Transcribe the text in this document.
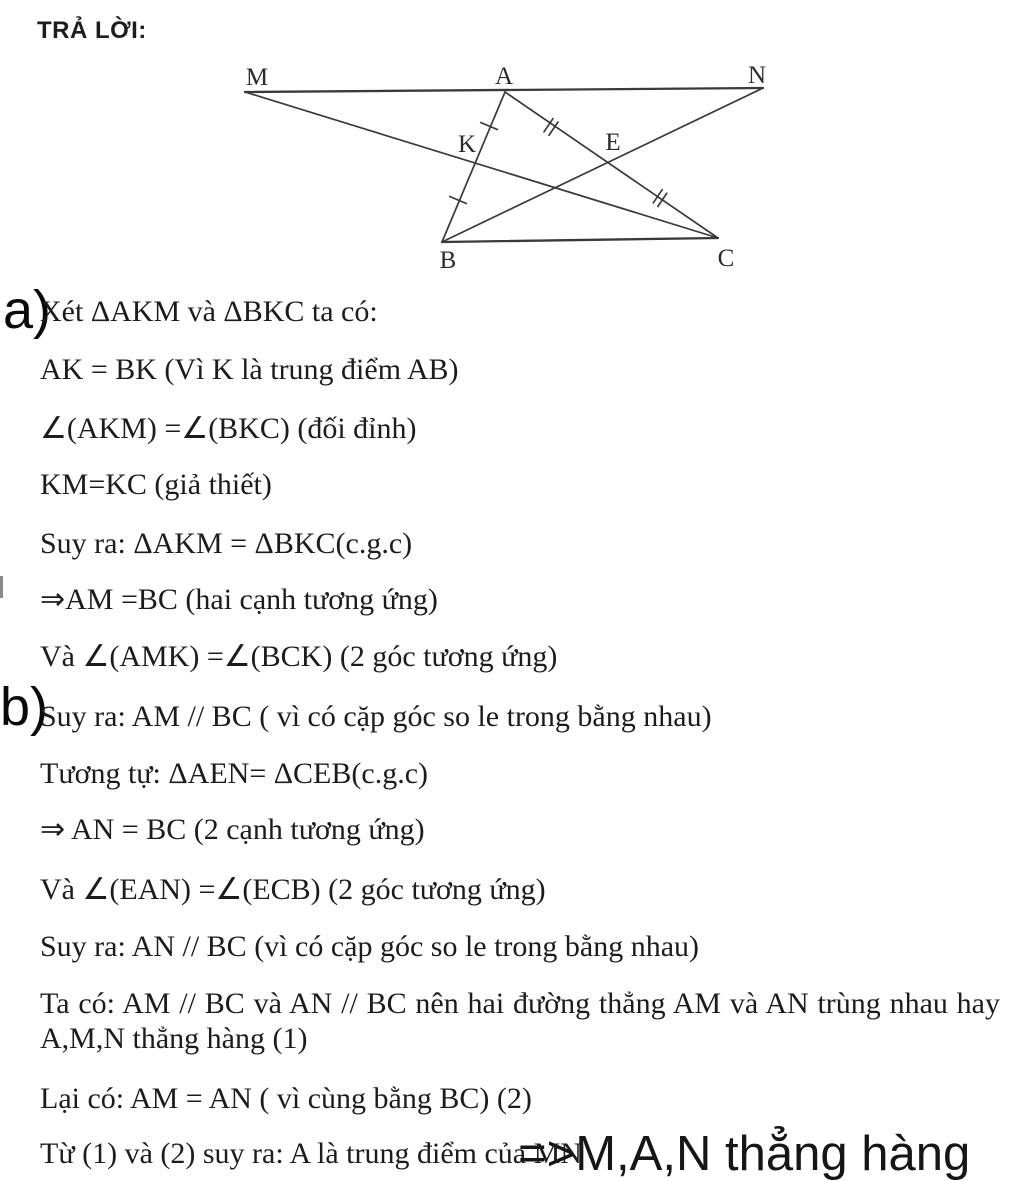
TRẢ LỜI:
M	A	N
B	C
K	E
a)
Xét ΔAKM và ΔBKC ta có:
AK = BK (Vì K là trung điểm AB)
∠(AKM) =∠(BKC) (đối đỉnh)
KM=KC (giả thiết)
Suy ra: ΔAKM = ΔBKC(c.g.c)
⇒AM =BC (hai cạnh tương ứng)
Và ∠(AMK) =∠(BCK) (2 góc tương ứng)
b)
Suy ra: AM // BC ( vì có cặp góc so le trong bằng nhau)
Tương tự: ΔAEN= ΔCEB(c.g.c)
⇒ AN = BC (2 cạnh tương ứng)
Và ∠(EAN) =∠(ECB) (2 góc tương ứng)
Suy ra: AN // BC (vì có cặp góc so le trong bằng nhau)
Ta có: AM // BC và AN // BC nên hai đường thẳng AM và AN trùng nhau hay A,M,N thẳng hàng (1)
Lại có: AM = AN ( vì cùng bằng BC) (2)
Từ (1) và (2) suy ra: A là trung điểm của MN
=>M,A,N thẳng hàng
